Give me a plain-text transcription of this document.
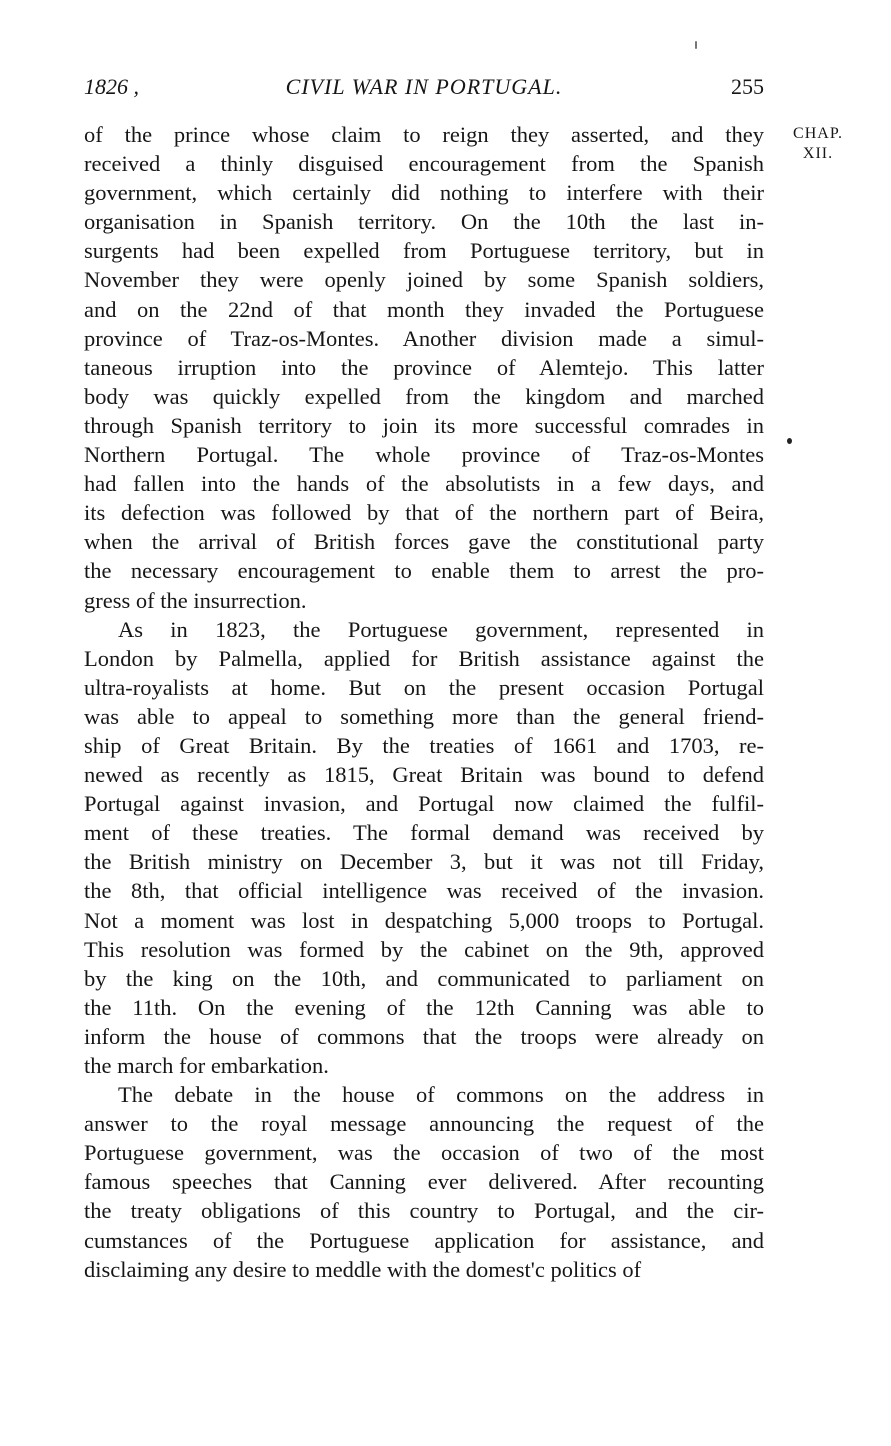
1826 ,	CIVIL WAR IN PORTUGAL.	255
CHAP.
XII.
of the prince whose claim to reign they asserted, and they
received a thinly disguised encouragement from the Spanish
government, which certainly did nothing to interfere with their
organisation in Spanish territory. On the 10th the last in-
surgents had been expelled from Portuguese territory, but in
November they were openly joined by some Spanish soldiers,
and on the 22nd of that month they invaded the Portuguese
province of Traz-os-Montes. Another division made a simul-
taneous irruption into the province of Alemtejo. This latter
body was quickly expelled from the kingdom and marched
through Spanish territory to join its more successful comrades in
Northern Portugal. The whole province of Traz-os-Montes
had fallen into the hands of the absolutists in a few days, and
its defection was followed by that of the northern part of Beira,
when the arrival of British forces gave the constitutional party
the necessary encouragement to enable them to arrest the pro-
gress of the insurrection.
As in 1823, the Portuguese government, represented in
London by Palmella, applied for British assistance against the
ultra-royalists at home. But on the present occasion Portugal
was able to appeal to something more than the general friend-
ship of Great Britain. By the treaties of 1661 and 1703, re-
newed as recently as 1815, Great Britain was bound to defend
Portugal against invasion, and Portugal now claimed the fulfil-
ment of these treaties. The formal demand was received by
the British ministry on December 3, but it was not till Friday,
the 8th, that official intelligence was received of the invasion.
Not a moment was lost in despatching 5,000 troops to Portugal.
This resolution was formed by the cabinet on the 9th, approved
by the king on the 10th, and communicated to parliament on
the 11th. On the evening of the 12th Canning was able to
inform the house of commons that the troops were already on
the march for embarkation.
The debate in the house of commons on the address in
answer to the royal message announcing the request of the
Portuguese government, was the occasion of two of the most
famous speeches that Canning ever delivered. After recounting
the treaty obligations of this country to Portugal, and the cir-
cumstances of the Portuguese application for assistance, and
disclaiming any desire to meddle with the domest'c politics of
